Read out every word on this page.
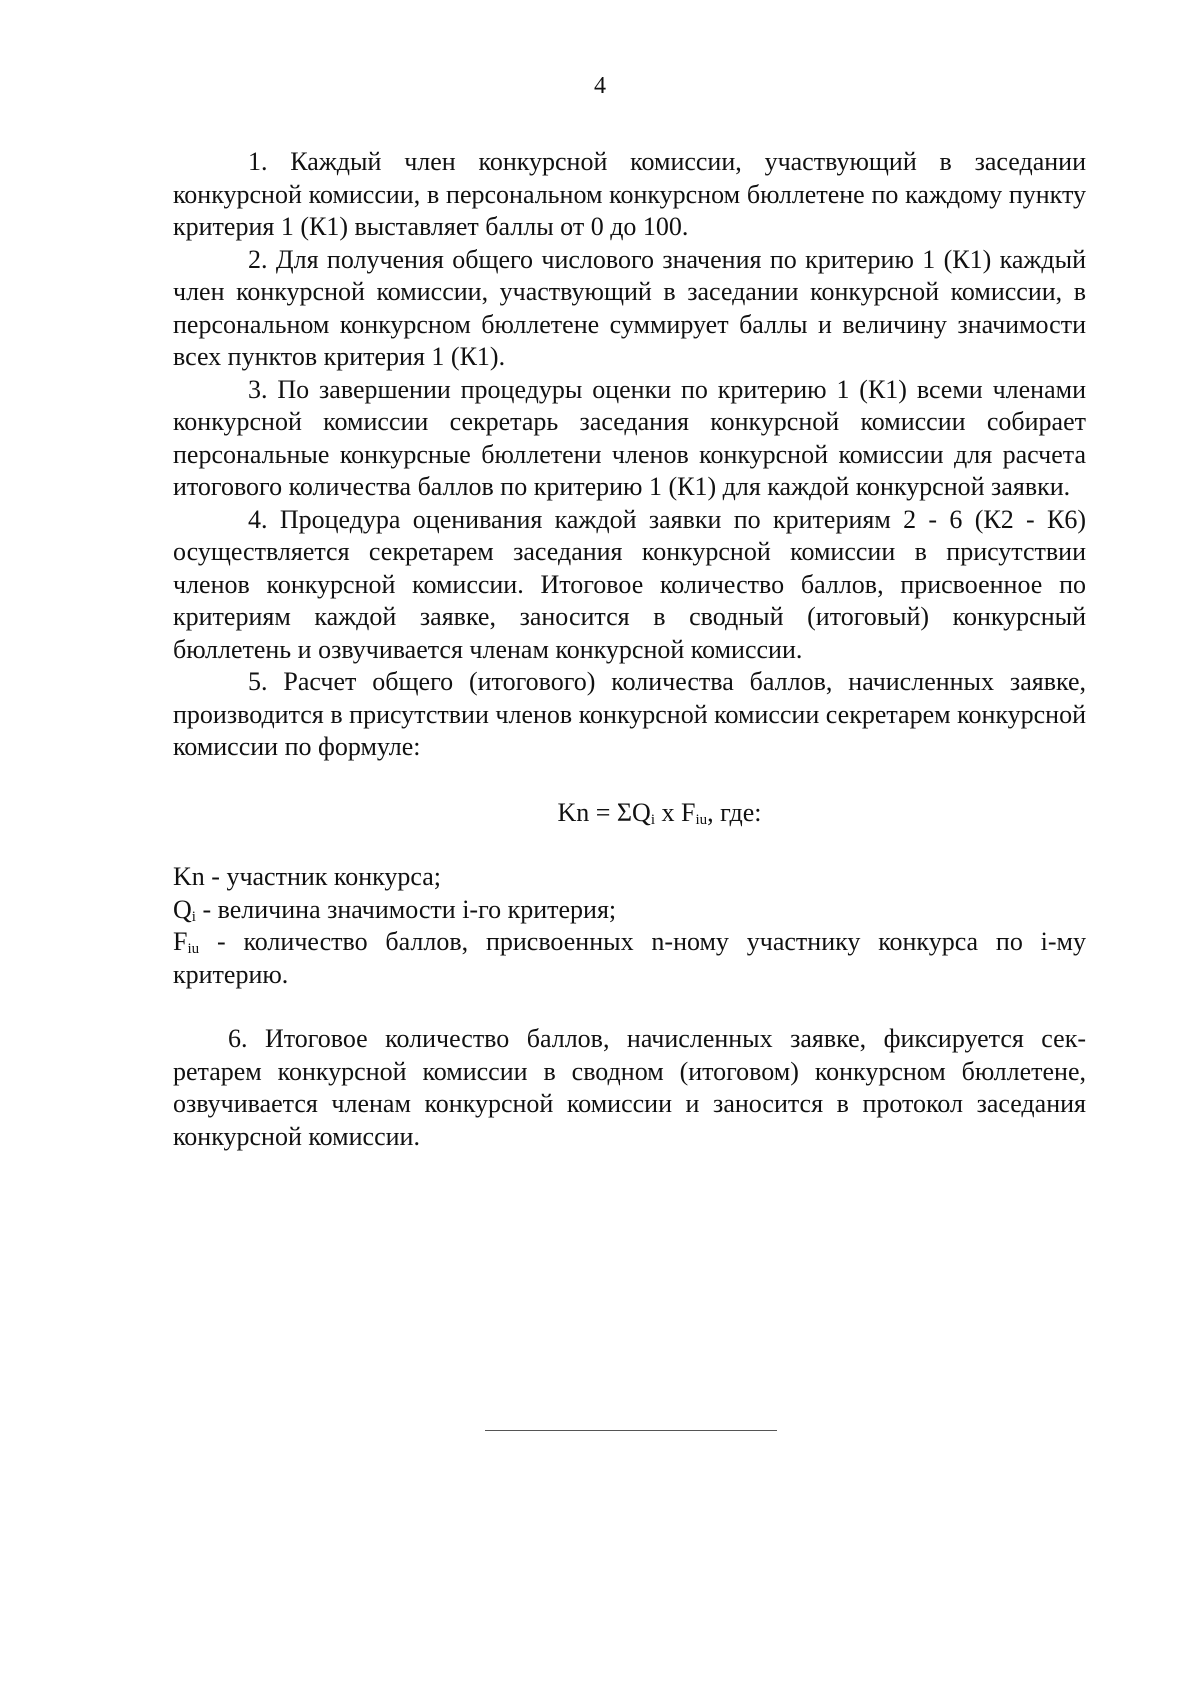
4

1. Каждый член конкурсной комиссии, участвующий в заседании конкурсной комиссии, в персональном конкурсном бюллетене по каждому пункту критерия 1 (К1) выставляет баллы от 0 до 100.

2. Для получения общего числового значения по критерию 1 (К1) каждый член конкурсной комиссии, участвующий в заседании конкурсной комиссии, в персональном конкурсном бюллетене суммирует баллы и величину значимости всех пунктов критерия 1 (К1).

3. По завершении процедуры оценки по критерию 1 (К1) всеми членами конкурсной комиссии секретарь заседания конкурсной комиссии собирает персональные конкурсные бюллетени членов конкурсной комиссии для расчета итогового количества баллов по критерию 1 (К1) для каждой конкурсной заявки.

4. Процедура оценивания каждой заявки по критериям 2 - 6 (К2 - К6) осуществляется секретарем заседания конкурсной комиссии в присутствии членов конкурсной комиссии. Итоговое количество баллов, присвоенное по критериям каждой заявке, заносится в сводный (итоговый) конкурсный бюллетень и озвучивается членам конкурсной комиссии.

5. Расчет общего (итогового) количества баллов, начисленных заявке, производится в присутствии членов конкурсной комиссии секретарем конкурсной комиссии по формуле:

$Kn = \Sigma Q_i$ x $F_{iu}$, где:

Kn - участник конкурса;

$Q_i$ - величина значимости i-го критерия;

$F_{iu}$ - количество баллов, присвоенных n-ному участнику конкурса по i-му критерию.

6. Итоговое количество баллов, начисленных заявке, фиксируется секретарем конкурсной комиссии в сводном (итоговом) конкурсном бюллетене, озвучивается членам конкурсной комиссии и заносится в протокол заседания конкурсной комиссии.
